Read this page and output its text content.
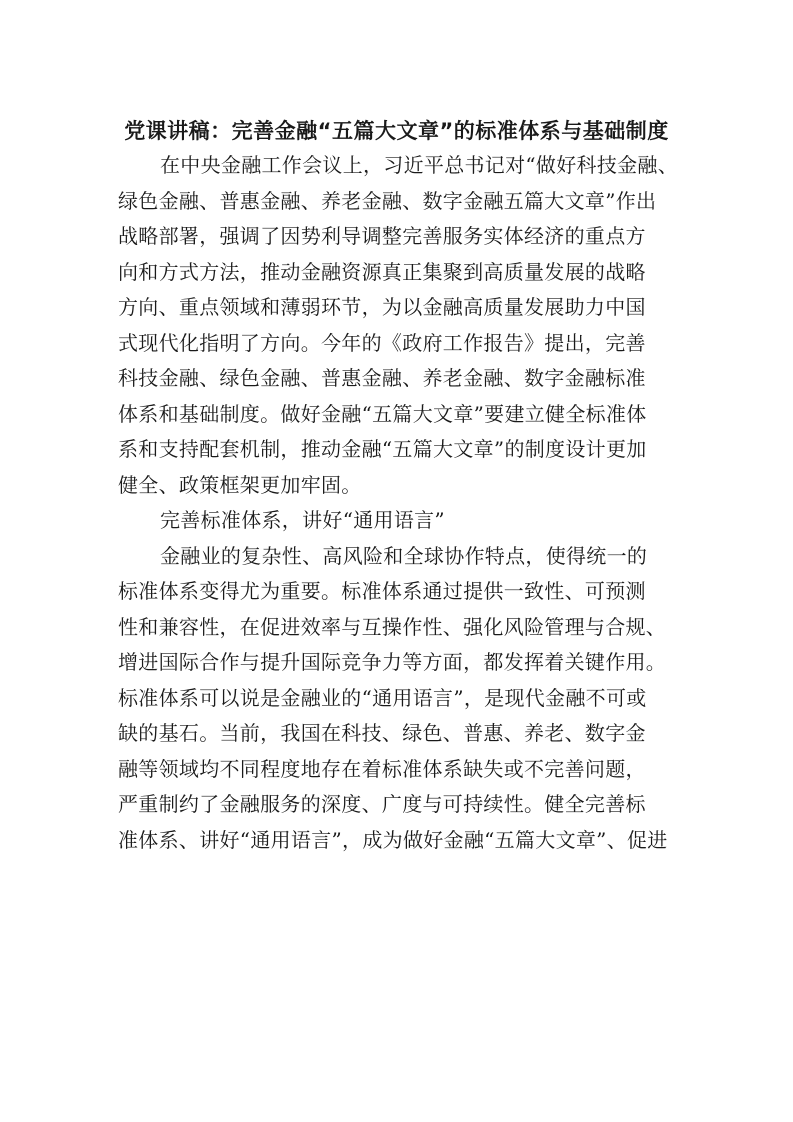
党课讲稿：完善金融“五篇大文章”的标准体系与基础制度
在中央金融工作会议上，习近平总书记对“做好科技金融、
绿色金融、普惠金融、养老金融、数字金融五篇大文章”作出
战略部署，强调了因势利导调整完善服务实体经济的重点方
向和方式方法，推动金融资源真正集聚到高质量发展的战略
方向、重点领域和薄弱环节，为以金融高质量发展助力中国
式现代化指明了方向。今年的《政府工作报告》提出，完善
科技金融、绿色金融、普惠金融、养老金融、数字金融标准
体系和基础制度。做好金融“五篇大文章”要建立健全标准体
系和支持配套机制，推动金融“五篇大文章”的制度设计更加
健全、政策框架更加牢固。
完善标准体系，讲好“通用语言”
金融业的复杂性、高风险和全球协作特点，使得统一的
标准体系变得尤为重要。标准体系通过提供一致性、可预测
性和兼容性，在促进效率与互操作性、强化风险管理与合规、
增进国际合作与提升国际竞争力等方面，都发挥着关键作用。
标准体系可以说是金融业的“通用语言”，是现代金融不可或
缺的基石。当前，我国在科技、绿色、普惠、养老、数字金
融等领域均不同程度地存在着标准体系缺失或不完善问题，
严重制约了金融服务的深度、广度与可持续性。健全完善标
准体系、讲好“通用语言”，成为做好金融“五篇大文章”、促进
